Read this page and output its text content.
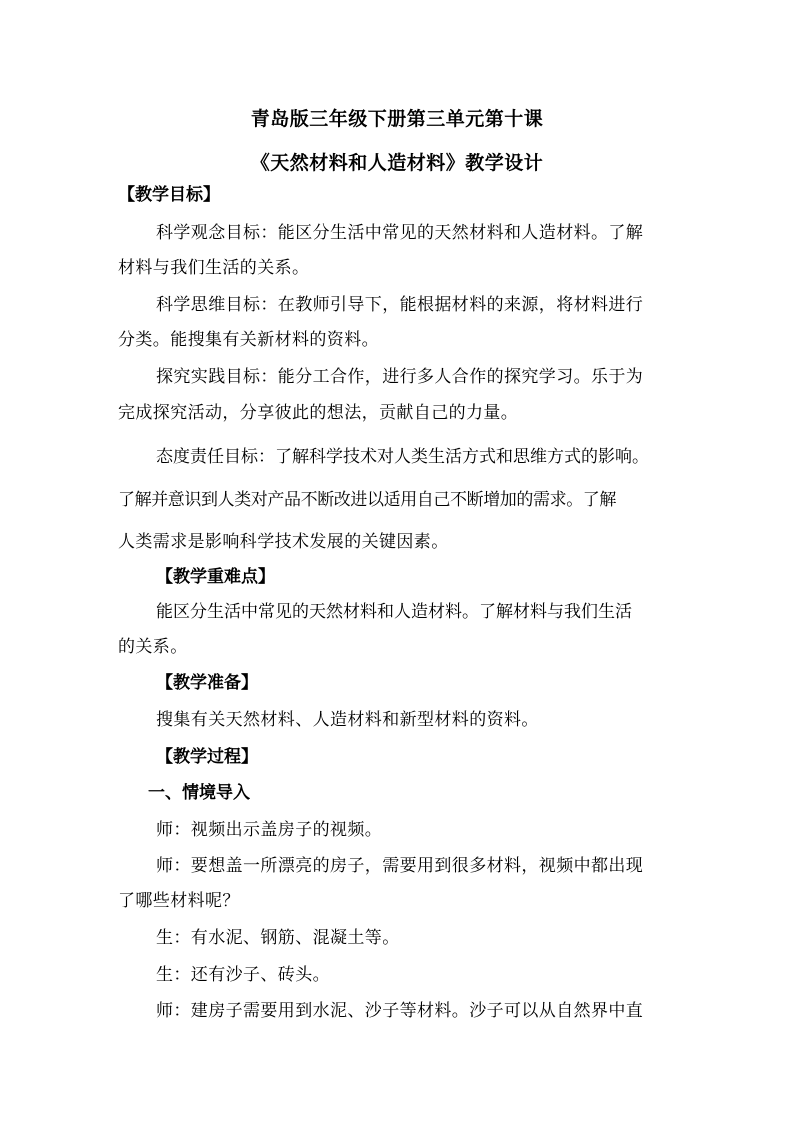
青岛版三年级下册第三单元第十课
《天然材料和人造材料》教学设计
【教学目标】
科学观念目标：能区分生活中常见的天然材料和人造材料。了解
材料与我们生活的关系。
科学思维目标：在教师引导下，能根据材料的来源，将材料进行
分类。能搜集有关新材料的资料。
探究实践目标：能分工合作，进行多人合作的探究学习。乐于为
完成探究活动，分享彼此的想法，贡献自己的力量。
态度责任目标：了解科学技术对人类生活方式和思维方式的影响。
了解并意识到人类对产品不断改进以适用自己不断增加的需求。了解
人类需求是影响科学技术发展的关键因素。
【教学重难点】
能区分生活中常见的天然材料和人造材料。了解材料与我们生活
的关系。
【教学准备】
搜集有关天然材料、人造材料和新型材料的资料。
【教学过程】
一、情境导入
师：视频出示盖房子的视频。
师：要想盖一所漂亮的房子，需要用到很多材料，视频中都出现
了哪些材料呢？
生：有水泥、钢筋、混凝土等。
生：还有沙子、砖头。
师：建房子需要用到水泥、沙子等材料。沙子可以从自然界中直
